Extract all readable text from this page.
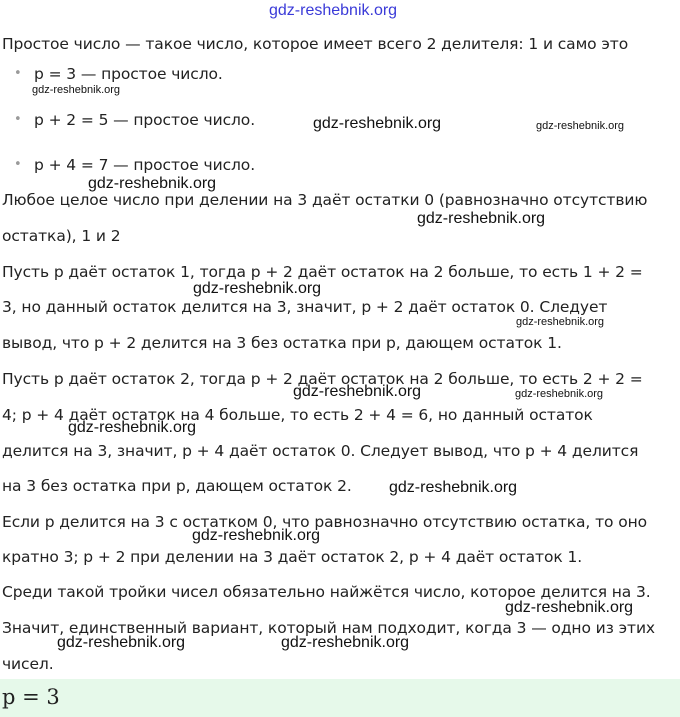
gdz-reshebnik.org
Простое число — такое число, которое имеет всего 2 делителя: 1 и само это
• p = 3 — простое число.
• p + 2 = 5 — простое число.
• p + 4 = 7 — простое число.
Любое целое число при делении на 3 даёт остатки 0 (равнозначно отсутствию
остатка), 1 и 2
Пусть p даёт остаток 1, тогда p + 2 даёт остаток на 2 больше, то есть 1 + 2 =
3, но данный остаток делится на 3, значит, p + 2 даёт остаток 0. Следует
вывод, что p + 2 делится на 3 без остатка при p, дающем остаток 1.
Пусть p даёт остаток 2, тогда p + 2 даёт остаток на 2 больше, то есть 2 + 2 =
4; p + 4 даёт остаток на 4 больше, то есть 2 + 4 = 6, но данный остаток
делится на 3, значит, p + 4 даёт остаток 0. Следует вывод, что p + 4 делится
на 3 без остатка при p, дающем остаток 2.
Если p делится на 3 с остатком 0, что равнозначно отсутствию остатка, то оно
кратно 3; p + 2 при делении на 3 даёт остаток 2, p + 4 даёт остаток 1.
Среди такой тройки чисел обязательно найжётся число, которое делится на 3.
Значит, единственный вариант, который нам подходит, когда 3 — одно из этих
чисел.
gdz-reshebnik.org
gdz-reshebnik.org	gdz-reshebnik.org
gdz-reshebnik.org
gdz-reshebnik.org
gdz-reshebnik.org
gdz-reshebnik.org
gdz-reshebnik.org	gdz-reshebnik.org
gdz-reshebnik.org
gdz-reshebnik.org
gdz-reshebnik.org
gdz-reshebnik.org
gdz-reshebnik.org	gdz-reshebnik.org
p = 3
